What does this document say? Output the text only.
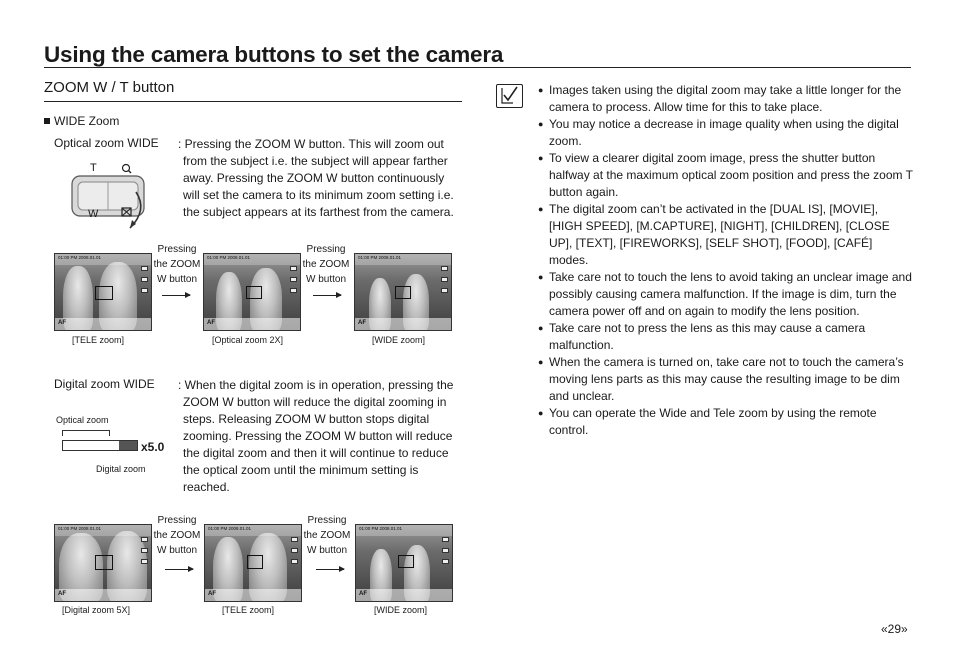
Using the camera buttons to set the camera
ZOOM W / T button
WIDE Zoom
Optical zoom WIDE : Pressing the ZOOM W button. This will zoom out
from the subject i.e. the subject will appear farther away. Pressing the ZOOM W button continuously will set the camera to its minimum zoom setting i.e. the subject appears at its farthest from the camera.
T
W
01:00 PM 2008.01.01
AF
[TELE zoom]
Pressing the ZOOM W button
01:00 PM 2008.01.01
AF
[Optical zoom 2X]
Pressing the ZOOM W button
01:00 PM 2008.01.01
AF
[WIDE zoom]
Digital zoom WIDE : When the digital zoom is in operation, pressing the
ZOOM W button will reduce the digital zooming in steps. Releasing ZOOM W button stops digital zooming. Pressing the ZOOM W button will reduce the digital zoom and then it will continue to reduce the optical zoom until the minimum setting is reached.
Optical zoom
x5.0
Digital zoom
01:00 PM 2008.01.01
AF
[Digital zoom 5X]
Pressing the ZOOM W button
01:00 PM 2008.01.01
AF
[TELE zoom]
Pressing the ZOOM W button
01:00 PM 2008.01.01
AF
[WIDE zoom]
● Images taken using the digital zoom may take a little longer for the camera to process. Allow time for this to take place.
● You may notice a decrease in image quality when using the digital zoom.
● To view a clearer digital zoom image, press the shutter button halfway at the maximum optical zoom position and press the zoom T button again.
● The digital zoom can’t be activated in the [DUAL IS], [MOVIE], [HIGH SPEED], [M.CAPTURE], [NIGHT], [CHILDREN], [CLOSE UP], [TEXT], [FIREWORKS], [SELF SHOT], [FOOD], [CAFÉ] modes.
● Take care not to touch the lens to avoid taking an unclear image and possibly causing camera malfunction. If the image is dim, turn the camera power off and on again to modify the lens position.
● Take care not to press the lens as this may cause a camera malfunction.
● When the camera is turned on, take care not to touch the camera’s moving lens parts as this may cause the resulting image to be dim and unclear.
● You can operate the Wide and Tele zoom by using the remote control.
«29»
